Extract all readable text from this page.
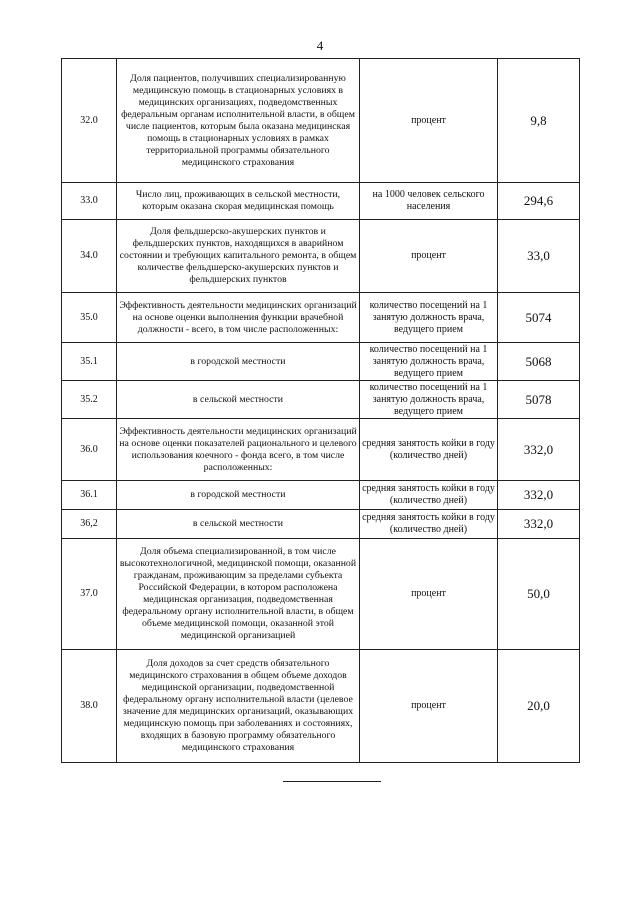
4
32.0	Доля пациентов, получивших специализированную медицинскую помощь в стационарных условиях в медицинских организациях, подведомственных федеральным органам исполнительной власти, в общем числе пациентов, которым была оказана медицинская помощь в стационарных условиях в рамках территориальной программы обязательного медицинского страхования	процент	9,8
33.0	Число лиц, проживающих в сельской местности, которым оказана скорая медицинская помощь	на 1000 человек сельского населения	294,6
34.0	Доля фельдшерско-акушерских пунктов и фельдшерских пунктов, находящихся в аварийном состоянии и требующих капитального ремонта, в общем количестве фельдшерско-акушерских пунктов и фельдшерских пунктов	процент	33,0
35.0	Эффективность деятельности медицинских организаций на основе оценки выполнения функции врачебной должности - всего, в том числе расположенных:	количество посещений на 1 занятую должность врача, ведущего прием	5074
35.1	в городской местности	количество посещений на 1 занятую должность врача, ведущего прием	5068
35.2	в сельской местности	количество посещений на 1 занятую должность врача, ведущего прием	5078
36.0	Эффективность деятельности медицинских организаций на основе оценки показателей рационального и целевого использования коечного - фонда всего, в том числе расположенных:	средняя занятость койки в году (количество дней)	332,0
36.1	в городской местности	средняя занятость койки в году (количество дней)	332,0
36,2	в сельской местности	средняя занятость койки в году (количество дней)	332,0
37.0	Доля объема специализированной, в том числе высокотехнологичной, медицинской помощи, оказанной гражданам, проживающим за пределами субъекта Российской Федерации, в котором расположена медицинская организация, подведомственная федеральному органу исполнительной власти, в общем объеме медицинской помощи, оказанной этой медицинской организацией	процент	50,0
38.0	Доля доходов за счет средств обязательного медицинского страхования в общем объеме доходов медицинской организации, подведомственной федеральному органу исполнительной власти (целевое значение для медицинских организаций, оказывающих медицинскую помощь при заболеваниях и состояниях, входящих в базовую программу обязательного медицинского страхования	процент	20,0
